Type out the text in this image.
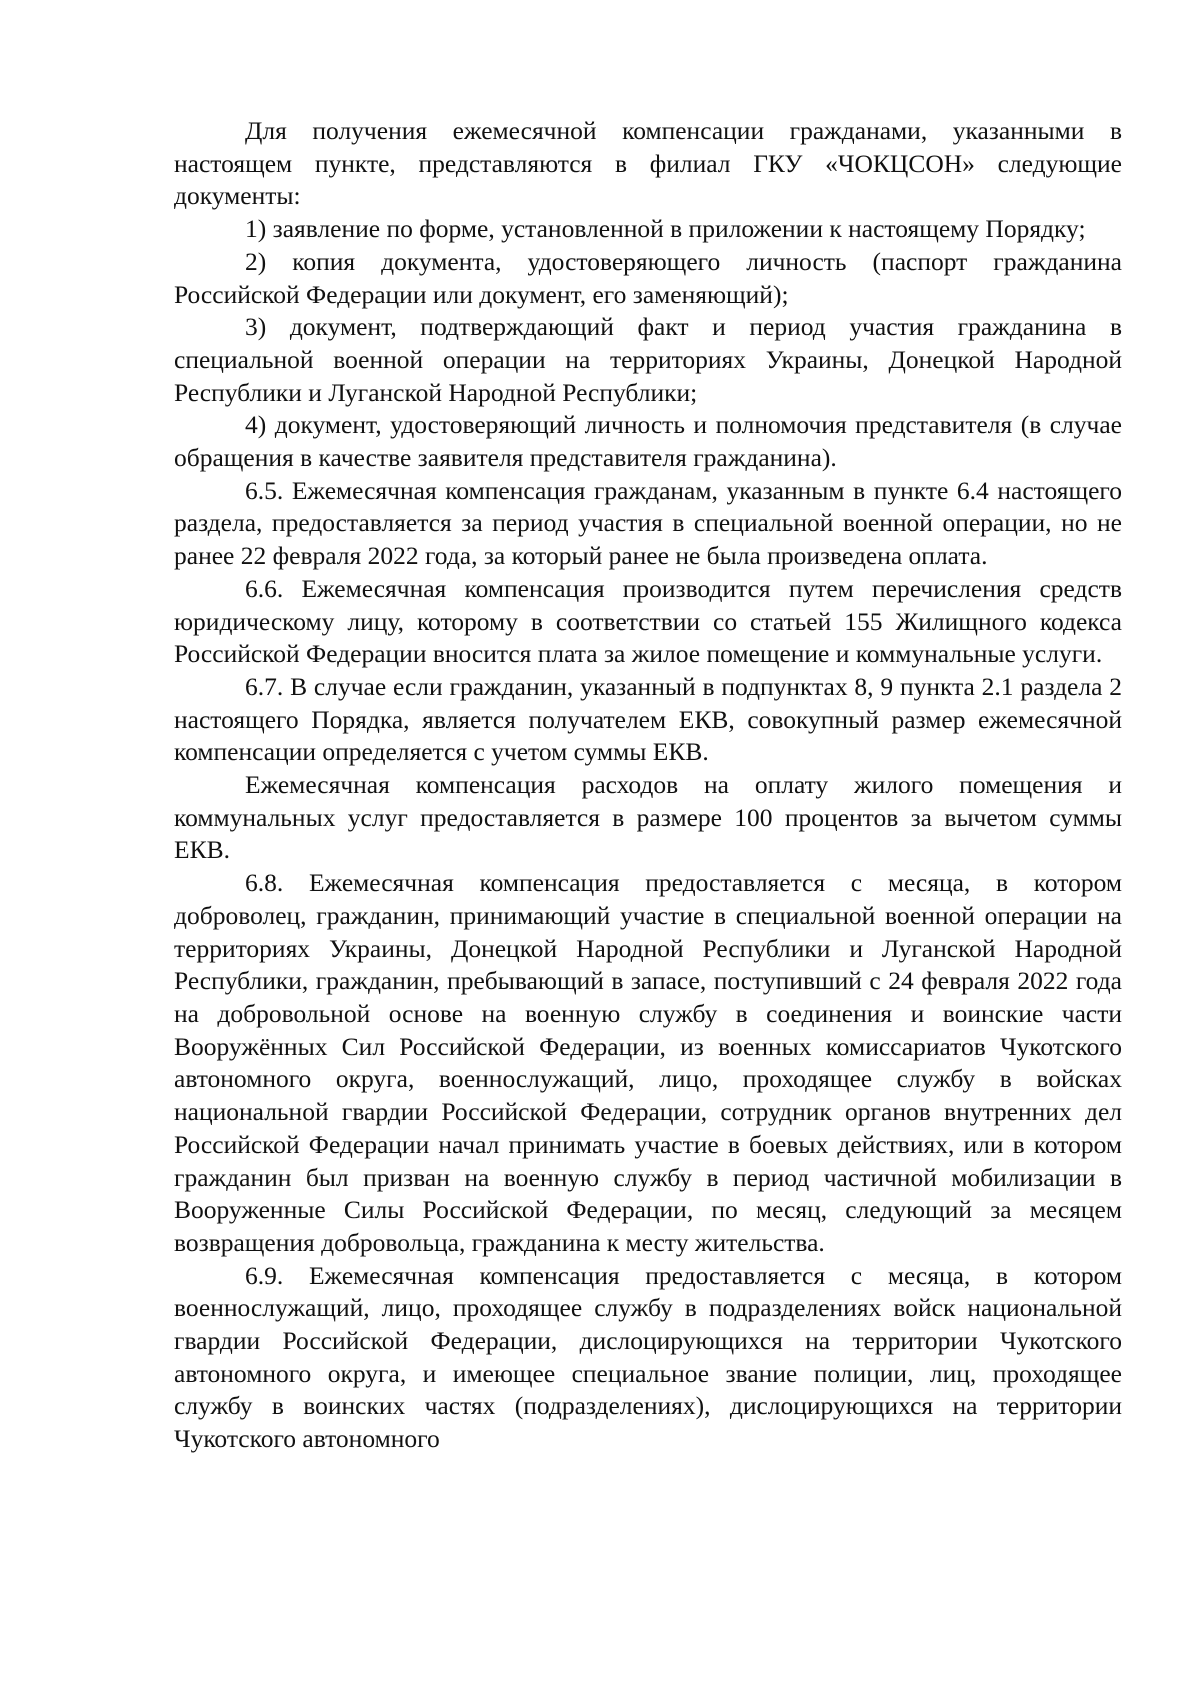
Для получения ежемесячной компенсации гражданами, указанными в настоящем пункте, представляются в филиал ГКУ «ЧОКЦСОН» следующие документы:

1) заявление по форме, установленной в приложении к настоящему Порядку;

2) копия документа, удостоверяющего личность (паспорт гражданина Российской Федерации или документ, его заменяющий);

3) документ, подтверждающий факт и период участия гражданина в специальной военной операции на территориях Украины, Донецкой Народной Республики и Луганской Народной Республики;

4) документ, удостоверяющий личность и полномочия представителя (в случае обращения в качестве заявителя представителя гражданина).

6.5. Ежемесячная компенсация гражданам, указанным в пункте 6.4 настоящего раздела, предоставляется за период участия в специальной военной операции, но не ранее 22 февраля 2022 года, за который ранее не была произведена оплата.

6.6. Ежемесячная компенсация производится путем перечисления средств юридическому лицу, которому в соответствии со статьей 155 Жилищного кодекса Российской Федерации вносится плата за жилое помещение и коммунальные услуги.

6.7. В случае если гражданин, указанный в подпунктах 8, 9 пункта 2.1 раздела 2 настоящего Порядка, является получателем ЕКВ, совокупный размер ежемесячной компенсации определяется с учетом суммы ЕКВ.

Ежемесячная компенсация расходов на оплату жилого помещения и коммунальных услуг предоставляется в размере 100 процентов за вычетом суммы ЕКВ.

6.8. Ежемесячная компенсация предоставляется с месяца, в котором доброволец, гражданин, принимающий участие в специальной военной операции на территориях Украины, Донецкой Народной Республики и Луганской Народной Республики, гражданин, пребывающий в запасе, поступивший с 24 февраля 2022 года на добровольной основе на военную службу в соединения и воинские части Вооружённых Сил Российской Федерации, из военных комиссариатов Чукотского автономного округа, военнослужащий, лицо, проходящее службу в войсках национальной гвардии Российской Федерации, сотрудник органов внутренних дел Российской Федерации начал принимать участие в боевых действиях, или в котором гражданин был призван на военную службу в период частичной мобилизации в Вооруженные Силы Российской Федерации, по месяц, следующий за месяцем возвращения добровольца, гражданина к месту жительства.

6.9. Ежемесячная компенсация предоставляется с месяца, в котором военнослужащий, лицо, проходящее службу в подразделениях войск национальной гвардии Российской Федерации, дислоцирующихся на территории Чукотского автономного округа, и имеющее специальное звание полиции, лиц, проходящее службу в воинских частях (подразделениях), дислоцирующихся на территории Чукотского автономного
